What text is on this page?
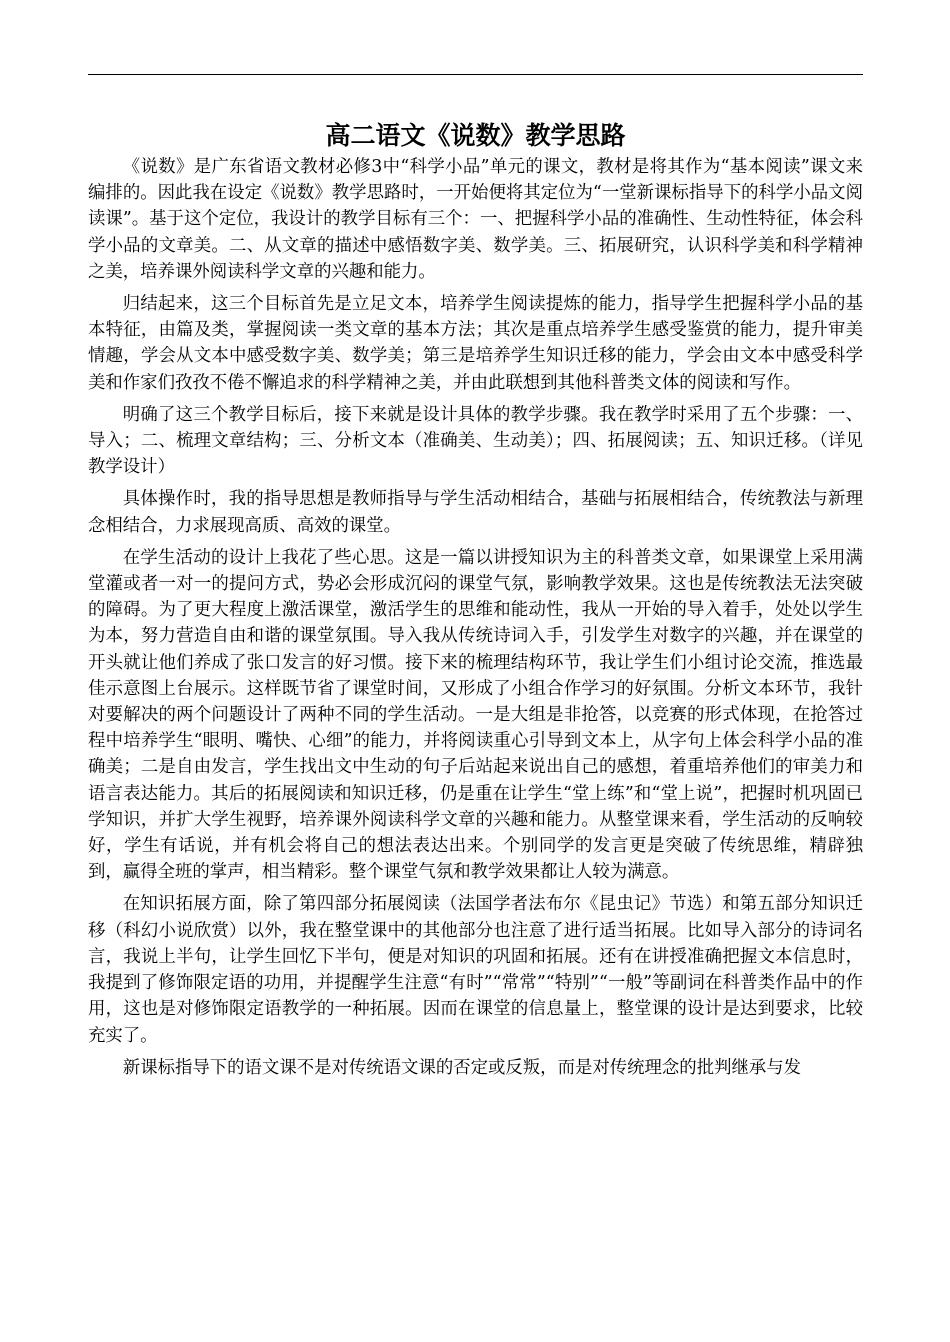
高二语文《说数》教学思路

《说数》是广东省语文教材必修3中“科学小品”单元的课文，教材是将其作为“基本阅读”课文来编排的。因此我在设定《说数》教学思路时，一开始便将其定位为“一堂新课标指导下的科学小品文阅读课”。基于这个定位，我设计的教学目标有三个：一、把握科学小品的准确性、生动性特征，体会科学小品的文章美。二、从文章的描述中感悟数字美、数学美。三、拓展研究，认识科学美和科学精神之美，培养课外阅读科学文章的兴趣和能力。

归结起来，这三个目标首先是立足文本，培养学生阅读提炼的能力，指导学生把握科学小品的基本特征，由篇及类，掌握阅读一类文章的基本方法；其次是重点培养学生感受鉴赏的能力，提升审美情趣，学会从文本中感受数字美、数学美；第三是培养学生知识迁移的能力，学会由文本中感受科学美和作家们孜孜不倦不懈追求的科学精神之美，并由此联想到其他科普类文体的阅读和写作。

明确了这三个教学目标后，接下来就是设计具体的教学步骤。我在教学时采用了五个步骤：一、导入；二、梳理文章结构；三、分析文本（准确美、生动美）；四、拓展阅读；五、知识迁移。（详见教学设计）

具体操作时，我的指导思想是教师指导与学生活动相结合，基础与拓展相结合，传统教法与新理念相结合，力求展现高质、高效的课堂。

在学生活动的设计上我花了些心思。这是一篇以讲授知识为主的科普类文章，如果课堂上采用满堂灌或者一对一的提问方式，势必会形成沉闷的课堂气氛，影响教学效果。这也是传统教法无法突破的障碍。为了更大程度上激活课堂，激活学生的思维和能动性，我从一开始的导入着手，处处以学生为本，努力营造自由和谐的课堂氛围。导入我从传统诗词入手，引发学生对数字的兴趣，并在课堂的开头就让他们养成了张口发言的好习惯。接下来的梳理结构环节，我让学生们小组讨论交流，推选最佳示意图上台展示。这样既节省了课堂时间，又形成了小组合作学习的好氛围。分析文本环节，我针对要解决的两个问题设计了两种不同的学生活动。一是大组是非抢答，以竞赛的形式体现，在抢答过程中培养学生“眼明、嘴快、心细”的能力，并将阅读重心引导到文本上，从字句上体会科学小品的准确美；二是自由发言，学生找出文中生动的句子后站起来说出自己的感想，着重培养他们的审美力和语言表达能力。其后的拓展阅读和知识迁移，仍是重在让学生“堂上练”和“堂上说”，把握时机巩固已学知识，并扩大学生视野，培养课外阅读科学文章的兴趣和能力。从整堂课来看，学生活动的反响较好，学生有话说，并有机会将自己的想法表达出来。个别同学的发言更是突破了传统思维，精辟独到，赢得全班的掌声，相当精彩。整个课堂气氛和教学效果都让人较为满意。

在知识拓展方面，除了第四部分拓展阅读（法国学者法布尔《昆虫记》节选）和第五部分知识迁移（科幻小说欣赏）以外，我在整堂课中的其他部分也注意了进行适当拓展。比如导入部分的诗词名言，我说上半句，让学生回忆下半句，便是对知识的巩固和拓展。还有在讲授准确把握文本信息时，我提到了修饰限定语的功用，并提醒学生注意“有时”“常常”“特别”“一般”等副词在科普类作品中的作用，这也是对修饰限定语教学的一种拓展。因而在课堂的信息量上，整堂课的设计是达到要求，比较充实了。

新课标指导下的语文课不是对传统语文课的否定或反叛，而是对传统理念的批判继承与发
